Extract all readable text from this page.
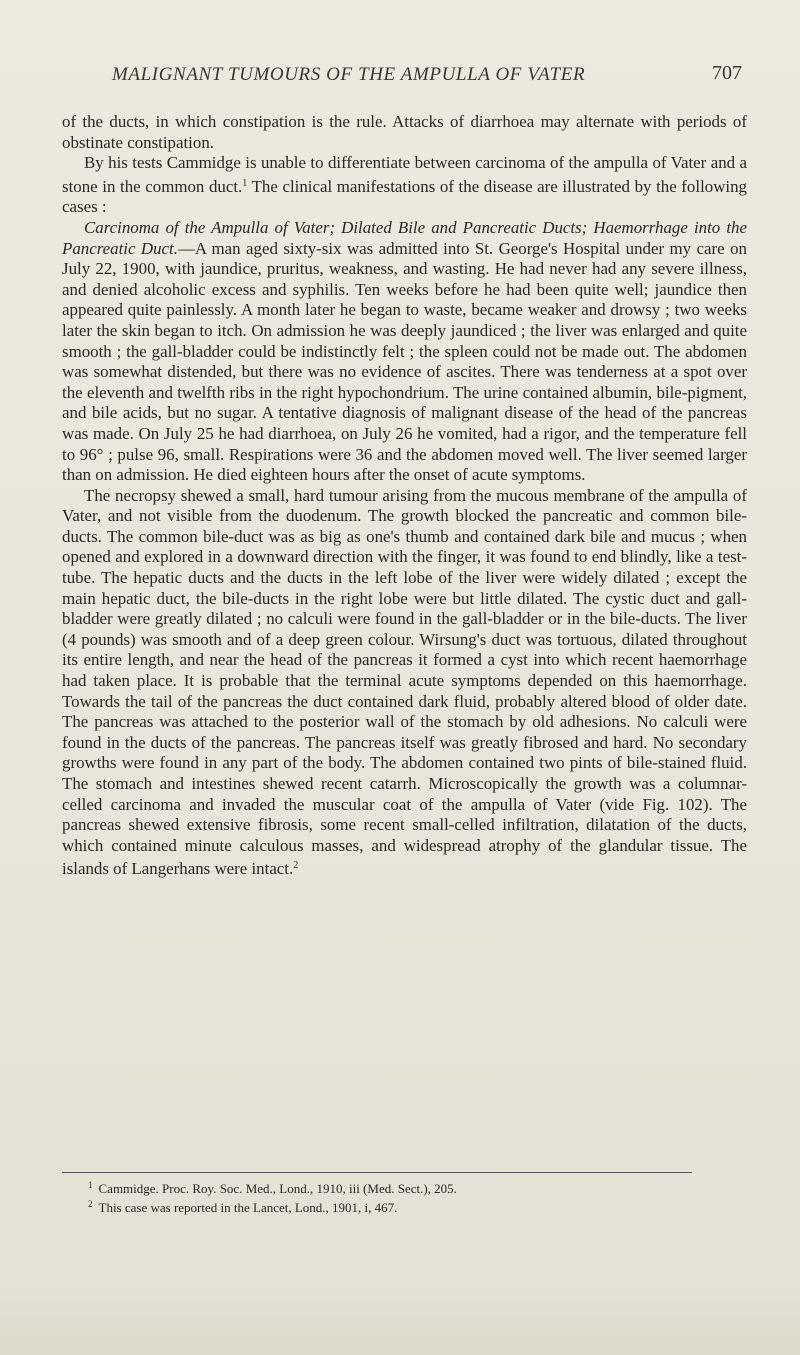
MALIGNANT TUMOURS OF THE AMPULLA OF VATER	707

of the ducts, in which constipation is the rule. Attacks of diarrhoea may alternate with periods of obstinate constipation.

By his tests Cammidge is unable to differentiate between carcinoma of the ampulla of Vater and a stone in the common duct.$^1$ The clinical manifestations of the disease are illustrated by the following cases :

Carcinoma of the Ampulla of Vater; Dilated Bile and Pancreatic Ducts; Haemorrhage into the Pancreatic Duct.—A man aged sixty-six was admitted into St. George's Hospital under my care on July 22, 1900, with jaundice, pruritus, weakness, and wasting. He had never had any severe illness, and denied alcoholic excess and syphilis. Ten weeks before he had been quite well; jaundice then appeared quite painlessly. A month later he began to waste, became weaker and drowsy ; two weeks later the skin began to itch. On admission he was deeply jaundiced ; the liver was enlarged and quite smooth ; the gall-bladder could be indistinctly felt ; the spleen could not be made out. The abdomen was somewhat distended, but there was no evidence of ascites. There was tenderness at a spot over the eleventh and twelfth ribs in the right hypochondrium. The urine contained albumin, bile-pigment, and bile acids, but no sugar. A tentative diagnosis of malignant disease of the head of the pancreas was made. On July 25 he had diarrhoea, on July 26 he vomited, had a rigor, and the temperature fell to 96° ; pulse 96, small. Respirations were 36 and the abdomen moved well. The liver seemed larger than on admission. He died eighteen hours after the onset of acute symptoms.

The necropsy shewed a small, hard tumour arising from the mucous membrane of the ampulla of Vater, and not visible from the duodenum. The growth blocked the pancreatic and common bile-ducts. The common bile-duct was as big as one's thumb and contained dark bile and mucus ; when opened and explored in a downward direction with the finger, it was found to end blindly, like a test-tube. The hepatic ducts and the ducts in the left lobe of the liver were widely dilated ; except the main hepatic duct, the bile-ducts in the right lobe were but little dilated. The cystic duct and gall-bladder were greatly dilated ; no calculi were found in the gall-bladder or in the bile-ducts. The liver (4 pounds) was smooth and of a deep green colour. Wirsung's duct was tortuous, dilated throughout its entire length, and near the head of the pancreas it formed a cyst into which recent haemorrhage had taken place. It is probable that the terminal acute symptoms depended on this haemorrhage. Towards the tail of the pancreas the duct contained dark fluid, probably altered blood of older date. The pancreas was attached to the posterior wall of the stomach by old adhesions. No calculi were found in the ducts of the pancreas. The pancreas itself was greatly fibrosed and hard. No secondary growths were found in any part of the body. The abdomen contained two pints of bile-stained fluid. The stomach and intestines shewed recent catarrh. Microscopically the growth was a columnar-celled carcinoma and invaded the muscular coat of the ampulla of Vater (vide Fig. 102). The pancreas shewed extensive fibrosis, some recent small-celled infiltration, dilatation of the ducts, which contained minute calculous masses, and widespread atrophy of the glandular tissue. The islands of Langerhans were intact.$^2$

$^1$ Cammidge. Proc. Roy. Soc. Med., Lond., 1910, iii (Med. Sect.), 205.

$^2$ This case was reported in the Lancet, Lond., 1901, i, 467.
